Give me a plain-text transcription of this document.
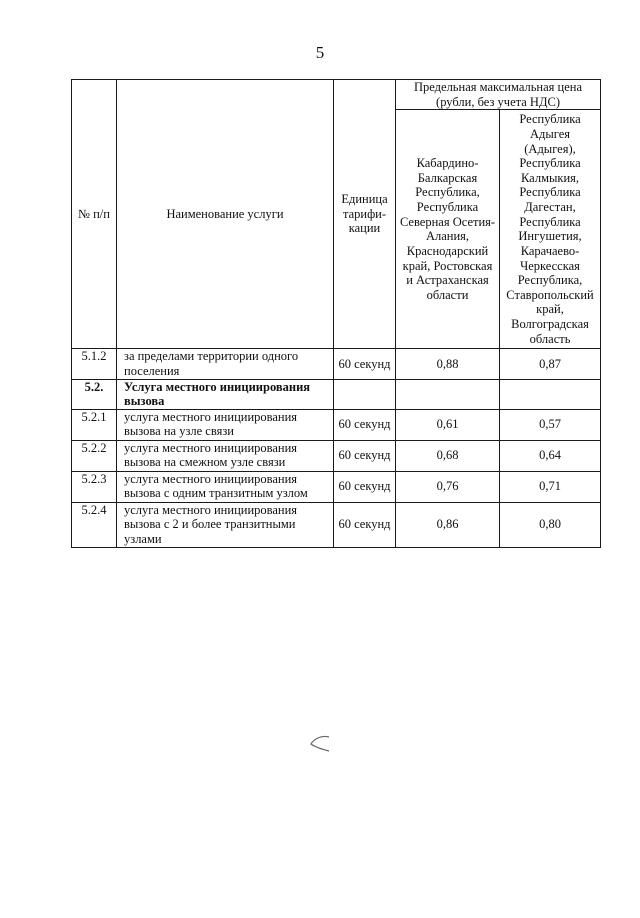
5
№ п/п	Наименование услуги	Единица тарифи-кации	Предельная максимальная цена (рубли, без учета НДС)	
			Кабардино-Балкарская Республика, Республика Северная Осетия-Алания, Краснодарский край, Ростовская и Астраханская области	Республика Адыгея (Адыгея), Республика Калмыкия, Республика Дагестан, Республика Ингушетия, Карачаево-Черкесская Республика, Ставропольский край, Волгоградская область
5.1.2	за пределами территории одного поселения	60 секунд	0,88	0,87
5.2.	Услуга местного инициирования вызова			

5.2.1	услуга местного инициирования вызова на узле связи	60 секунд	0,61	0,57
5.2.2	услуга местного инициирования вызова на смежном узле связи	60 секунд	0,68	0,64
5.2.3	услуга местного инициирования вызова с одним транзитным узлом	60 секунд	0,76	0,71
5.2.4	услуга местного инициирования вызова с 2 и более транзитными узлами	60 секунд	0,86	0,80
